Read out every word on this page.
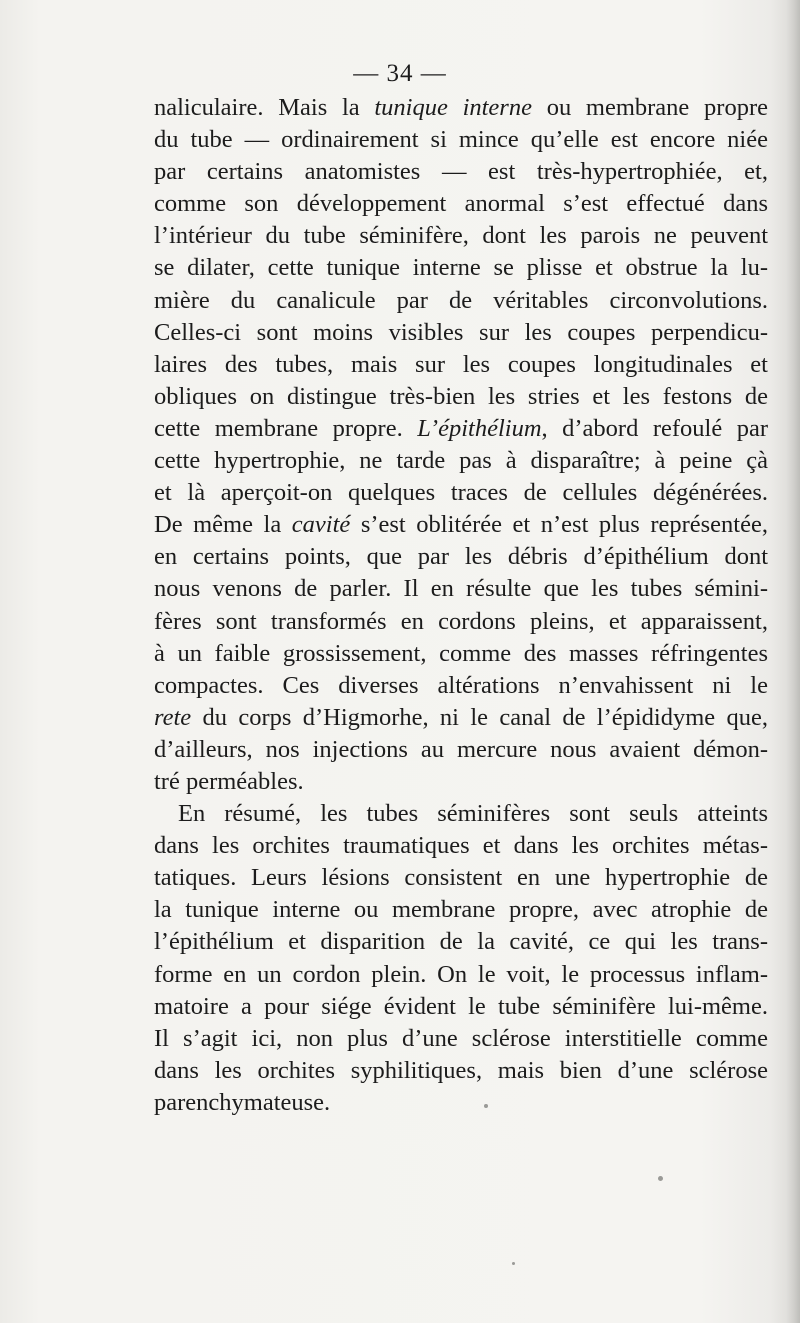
— 34 —
naliculaire. Mais la tunique interne ou membrane propre
du tube — ordinairement si mince qu’elle est encore niée
par certains anatomistes — est très-hypertrophiée, et,
comme son développement anormal s’est effectué dans
l’intérieur du tube séminifère, dont les parois ne peuvent
se dilater, cette tunique interne se plisse et obstrue la lu-
mière du canalicule par de véritables circonvolutions.
Celles-ci sont moins visibles sur les coupes perpendicu-
laires des tubes, mais sur les coupes longitudinales et
obliques on distingue très-bien les stries et les festons de
cette membrane propre. L’épithélium, d’abord refoulé par
cette hypertrophie, ne tarde pas à disparaître; à peine çà
et là aperçoit-on quelques traces de cellules dégénérées.
De même la cavité s’est oblitérée et n’est plus représentée,
en certains points, que par les débris d’épithélium dont
nous venons de parler. Il en résulte que les tubes sémini-
fères sont transformés en cordons pleins, et apparaissent,
à un faible grossissement, comme des masses réfringentes
compactes. Ces diverses altérations n’envahissent ni le
rete du corps d’Higmorhe, ni le canal de l’épididyme que,
d’ailleurs, nos injections au mercure nous avaient démon-
tré perméables.
En résumé, les tubes séminifères sont seuls atteints
dans les orchites traumatiques et dans les orchites métas-
tatiques. Leurs lésions consistent en une hypertrophie de
la tunique interne ou membrane propre, avec atrophie de
l’épithélium et disparition de la cavité, ce qui les trans-
forme en un cordon plein. On le voit, le processus inflam-
matoire a pour siége évident le tube séminifère lui-même.
Il s’agit ici, non plus d’une sclérose interstitielle comme
dans les orchites syphilitiques, mais bien d’une sclérose
parenchymateuse.
